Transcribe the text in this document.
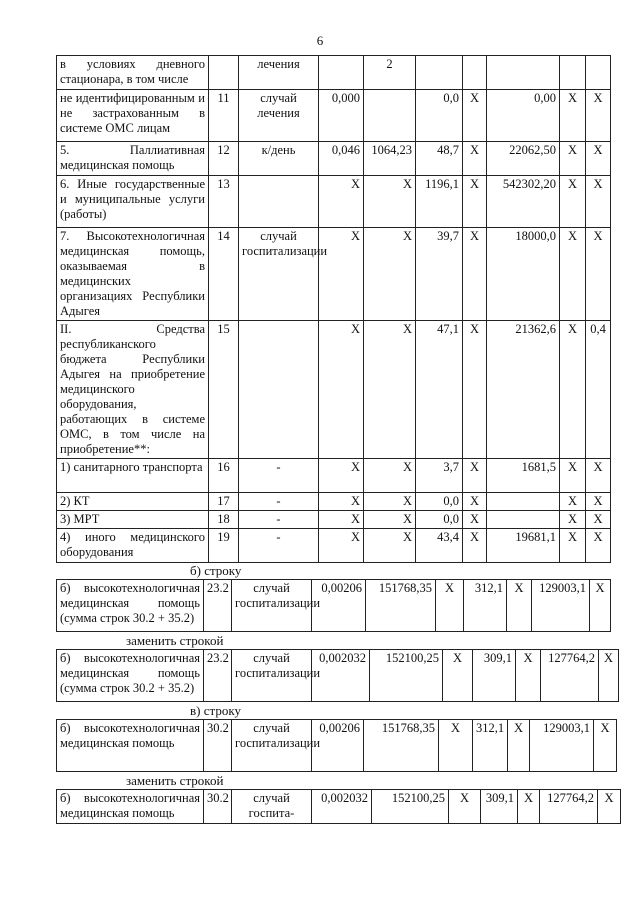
6
в условиях дневного стационара, в том числе		лечения		2					
не идентифицированным и не застрахованным в системе ОМС лицам	11	случай лечения	0,000		0,0	X	0,00	X	X
5. Паллиативная медицинская помощь	12	к/день	0,046	1064,23	48,7	X	22062,50	X	X
6. Иные государственные и муниципальные услуги (работы)	13		X	X	1196,1	X	542302,20	X	X
7. Высокотехнологичная медицинская помощь, оказываемая в медицинских организациях Республики Адыгея	14	случай госпитализации	X	X	39,7	X	18000,0	X	X
II. Средства республиканского бюджета Республики Адыгея на приобретение медицинского оборудования, работающих в системе ОМС, в том числе на приобретение**:	15		X	X	47,1	X	21362,6	X	0,4
1) санитарного транспорта	16	-	X	X	3,7	X	1681,5	X	X
2) КТ	17	-	X	X	0,0	X		X	X
3) МРТ	18	-	X	X	0,0	X		X	X
4) иного медицинского оборудования	19	-	X	X	43,4	X	19681,1	X	X
б) строку
б) высокотехнологичная медицинская помощь (сумма строк 30.2 + 35.2)	23.2	случай госпитализации	0,00206	151768,35	X	312,1	X	129003,1	X
заменить строкой
б) высокотехнологичная медицинская помощь (сумма строк 30.2 + 35.2)	23.2	случай госпитализации	0,002032	152100,25	X	309,1	X	127764,2	X
в) строку
б) высокотехнологичная медицинская помощь	30.2	случай госпитализации	0,00206	151768,35	X	312,1	X	129003,1	X
заменить строкой
б) высокотехнологичная медицинская помощь	30.2	случай госпита-	0,002032	152100,25	X	309,1	X	127764,2	X
